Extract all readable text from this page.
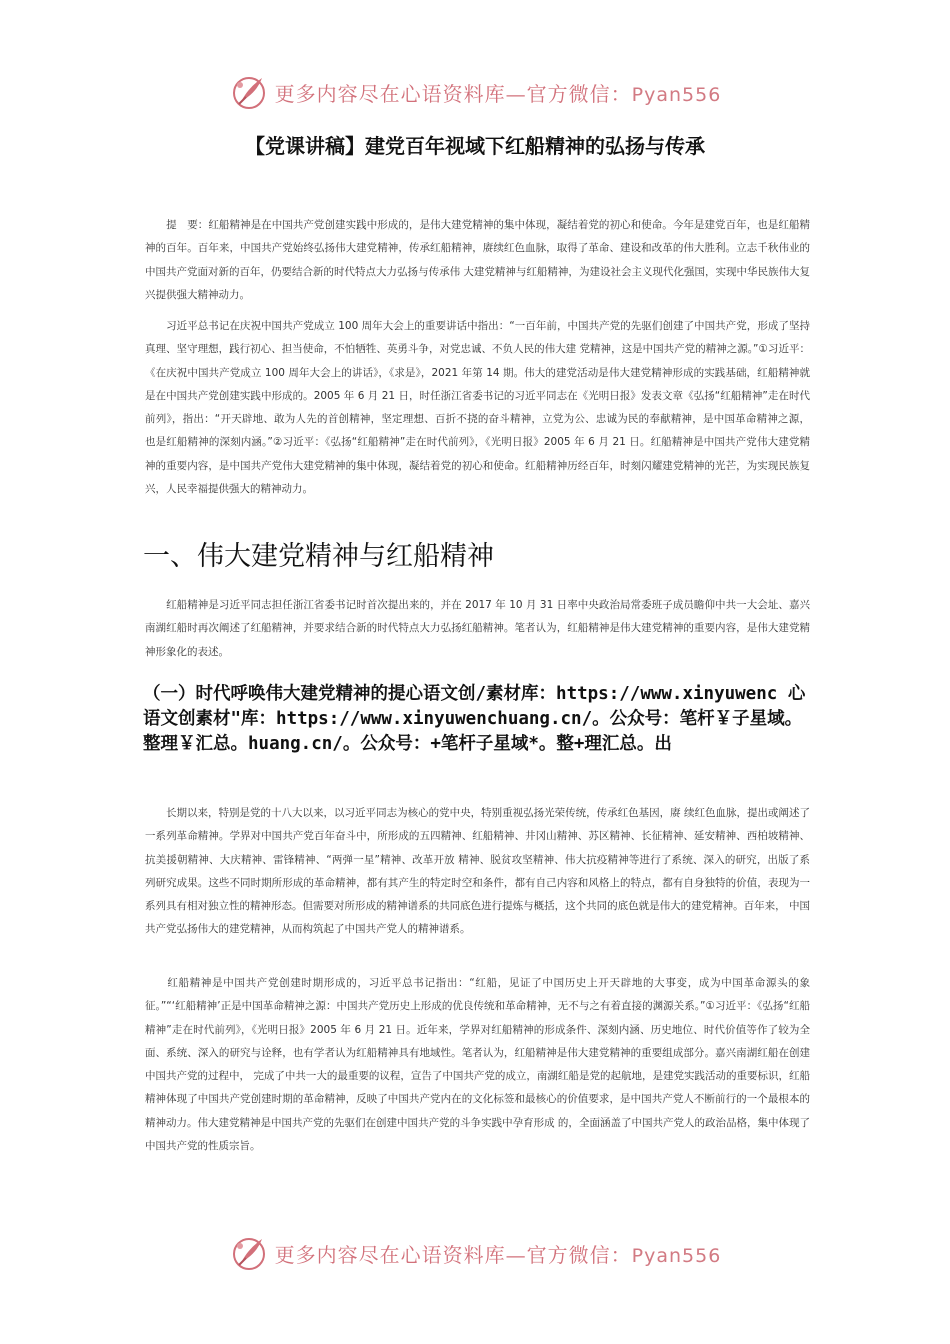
更多内容尽在心语资料库—官方微信：Pyan556
【党课讲稿】建党百年视域下红船精神的弘扬与传承

　　提　要：红船精神是在中国共产党创建实践中形成的，是伟大建党精神的集中体现，凝结着党的初心和使命。今年是建党百年，也是红船精神的百年。百年来，中国共产党始终弘扬伟大建党精神，传承红船精神，赓续红色血脉，取得了革命、建设和改革的伟大胜利。立志千秋伟业的中国共产党面对新的百年，仍要结合新的时代特点大力弘扬与传承伟 大建党精神与红船精神，为建设社会主义现代化强国，实现中华民族伟大复兴提供强大精神动力。

　　习近平总书记在庆祝中国共产党成立 100 周年大会上的重要讲话中指出：“一百年前，中国共产党的先驱们创建了中国共产党，形成了坚持真理、坚守理想，践行初心、担当使命，不怕牺牲、英勇斗争，对党忠诚、不负人民的伟大建 党精神，这是中国共产党的精神之源。”①习近平：《在庆祝中国共产党成立 100 周年大会上的讲话》，《求是》，2021 年第 14 期。伟大的建党活动是伟大建党精神形成的实践基础，红船精神就是在中国共产党创建实践中形成的。2005 年 6 月 21 日，时任浙江省委书记的习近平同志在《光明日报》发表文章《弘扬“红船精神”走在时代前列》，指出：“开天辟地、敢为人先的首创精神，坚定理想、百折不挠的奋斗精神，立党为公、忠诚为民的奉献精神，是中国革命精神之源， 也是红船精神的深刻内涵。”②习近平：《弘扬“红船精神”走在时代前列》，《光明日报》2005 年 6 月 21 日。红船精神是中国共产党伟大建党精神的重要内容，是中国共产党伟大建党精神的集中体现，凝结着党的初心和使命。红船精神历经百年，时刻闪耀建党精神的光芒，为实现民族复兴，人民幸福提供强大的精神动力。

一、伟大建党精神与红船精神

　　红船精神是习近平同志担任浙江省委书记时首次提出来的，并在 2017 年 10 月 31 日率中央政治局常委班子成员瞻仰中共一大会址、嘉兴南湖红船时再次阐述了红船精神，并要求结合新的时代特点大力弘扬红船精神。笔者认为，红船精神是伟大建党精神的重要内容，是伟大建党精神形象化的表述。

（一）时代呼唤伟大建党精神的提心语文创/素材库：https://www.xinyuwenc 心语文创素材"库：https://www.xinyuwenchuang.cn/。公众号：笔杆￥子星域。整理￥汇总。huang.cn/。公众号：+笔杆子星域*。整+理汇总。出

　　长期以来，特别是党的十八大以来，以习近平同志为核心的党中央，特别重视弘扬光荣传统，传承红色基因，赓 续红色血脉，提出或阐述了一系列革命精神。学界对中国共产党百年奋斗中，所形成的五四精神、红船精神、井冈山精神、苏区精神、长征精神、延安精神、西柏坡精神、抗美援朝精神、大庆精神、雷锋精神、“两弹一星”精神、改革开放 精神、脱贫攻坚精神、伟大抗疫精神等进行了系统、深入的研究，出版了系列研究成果。这些不同时期所形成的革命精神，都有其产生的特定时空和条件，都有自己内容和风格上的特点，都有自身独特的价值，表现为一系列具有相对独立性的精神形态。但需要对所形成的精神谱系的共同底色进行提炼与概括，这个共同的底色就是伟大的建党精神。百年来， 中国共产党弘扬伟大的建党精神，从而构筑起了中国共产党人的精神谱系。

　　红船精神是中国共产党创建时期形成的，习近平总书记指出：“红船，见证了中国历史上开天辟地的大事变，成为中国革命源头的象征。”“‘红船精神’正是中国革命精神之源：中国共产党历史上形成的优良传统和革命精神，无不与之有着直接的渊源关系。”①习近平：《弘扬“红船精神”走在时代前列》，《光明日报》2005 年 6 月 21 日。近年来，学界对红船精神的形成条件、深刻内涵、历史地位、时代价值等作了较为全面、系统、深入的研究与诠释，也有学者认为红船精神具有地域性。笔者认为，红船精神是伟大建党精神的重要组成部分。嘉兴南湖红船在创建中国共产党的过程中， 完成了中共一大的最重要的议程，宣告了中国共产党的成立，南湖红船是党的起航地，是建党实践活动的重要标识，红船精神体现了中国共产党创建时期的革命精神，反映了中国共产党内在的文化标签和最核心的价值要求，是中国共产党人不断前行的一个最根本的精神动力。伟大建党精神是中国共产党的先驱们在创建中国共产党的斗争实践中孕育形成 的，全面涵盖了中国共产党人的政治品格，集中体现了中国共产党的性质宗旨。

更多内容尽在心语资料库—官方微信：Pyan556
